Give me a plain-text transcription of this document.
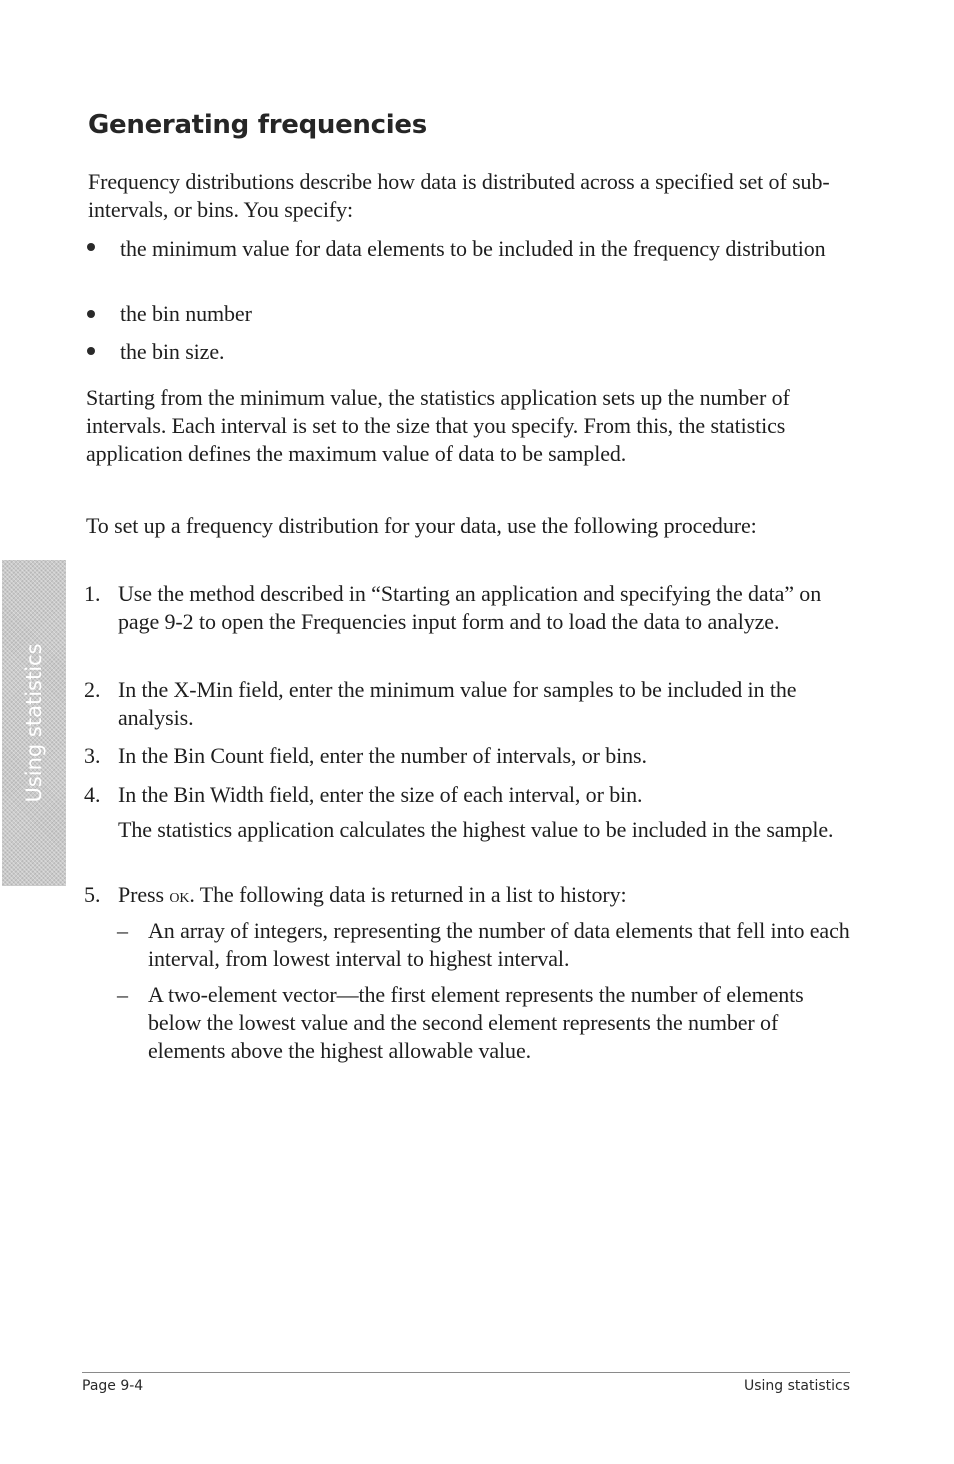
Using statistics
Generating frequencies

Frequency distributions describe how data is distributed across a specified set of sub-intervals, or bins. You specify:

the minimum value for data elements to be included in the frequency distribution

the bin number

the bin size.

Starting from the minimum value, the statistics application sets up the number of intervals. Each interval is set to the size that you specify. From this, the statistics application defines the maximum value of data to be sampled.

To set up a frequency distribution for your data, use the following procedure:

1. Use the method described in “Starting an application and specifying the data” on page 9-2 to open the Frequencies input form and to load the data to analyze.

2. In the X-Min field, enter the minimum value for samples to be included in the analysis.

3. In the Bin Count field, enter the number of intervals, or bins.

4. In the Bin Width field, enter the size of each interval, or bin.

The statistics application calculates the highest value to be included in the sample.

5. Press ok. The following data is returned in a list to history:

– An array of integers, representing the number of data elements that fell into each interval, from lowest interval to highest interval.

– A two-element vector—the first element represents the number of elements below the lowest value and the second element represents the number of elements above the highest allowable value.

Page 9-4	Using statistics
